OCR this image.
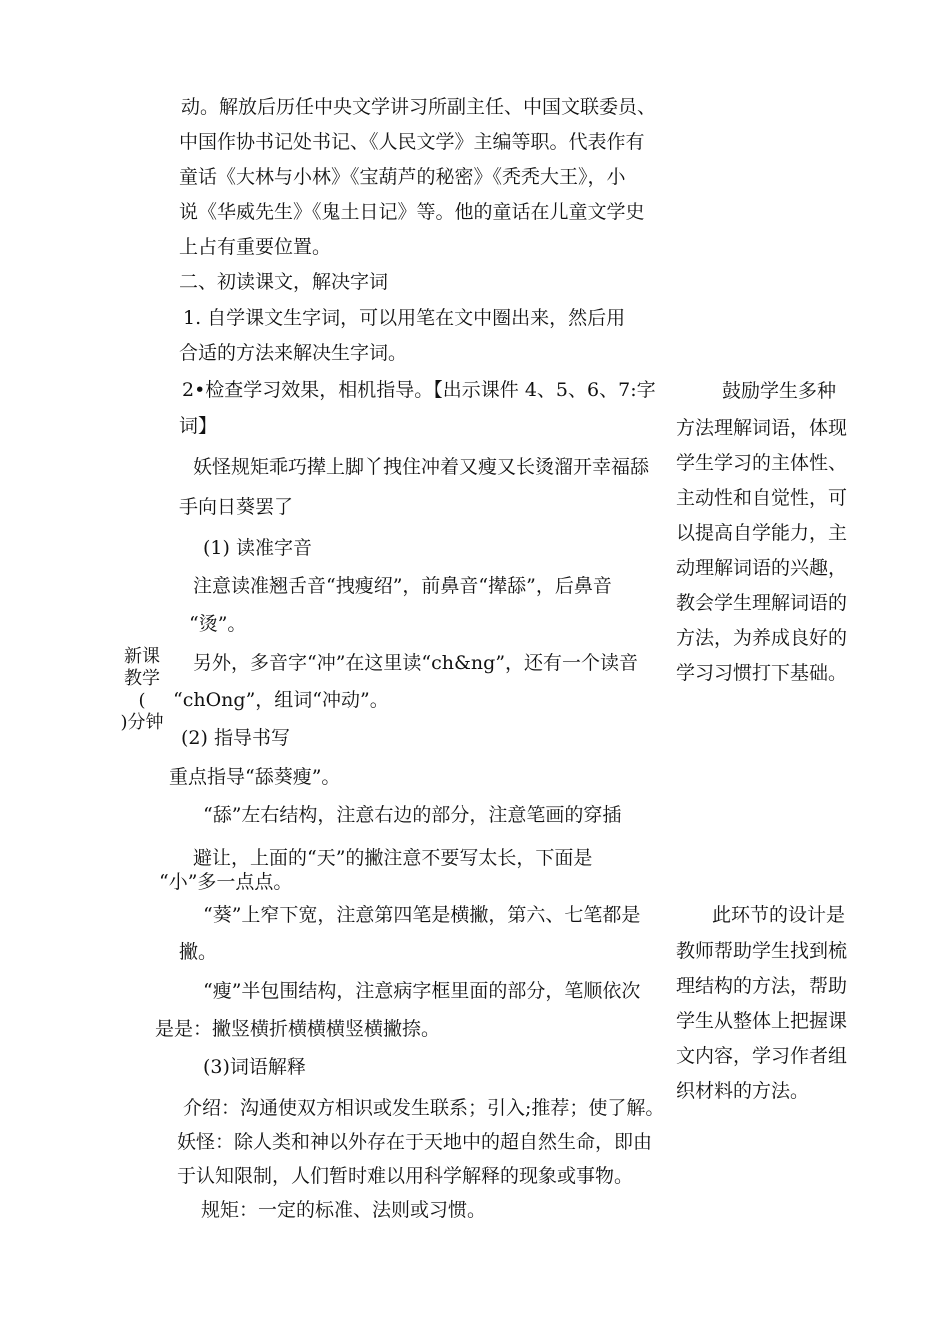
动。解放后历任中央文学讲习所副主任、中国文联委员、
中国作协书记处书记、《人民文学》主编等职。代表作有
童话《大林与小林》《宝葫芦的秘密》《秃秃大王》，小
说《华威先生》《鬼土日记》等。他的童话在儿童文学史
上占有重要位置。
二、初读课文，解决字词
1. 自学课文生字词，可以用笔在文中圈出来，然后用
合适的方法来解决生字词。
2•检查学习效果，相机指导。【出示课件 4、5、6、7:字
词】
妖怪规矩乖巧撵上脚丫拽住冲着又瘦又长烫溜开幸福舔
手向日葵罢了
(1) 读准字音
注意读准翘舌音“拽瘦绍”，前鼻音“撵舔”，后鼻音
“烫”。
另外，多音字“冲”在这里读“ch&ng”，还有一个读音
“chOng”，组词“冲动”。
(2) 指导书写
重点指导“舔葵瘦”。
“舔”左右结构，注意右边的部分，注意笔画的穿插
避让，上面的“天”的撇注意不要写太长，下面是
“小”多一点点。
“葵”上窄下宽，注意第四笔是横撇，第六、七笔都是
撇。
“瘦”半包围结构，注意病字框里面的部分，笔顺依次
是是：撇竖横折横横横竖横撇捺。
(3)词语解释
介绍：沟通使双方相识或发生联系；引入;推荐；使了解。
妖怪：除人类和神以外存在于天地中的超自然生命，即由
于认知限制，人们暂时难以用科学解释的现象或事物。
规矩：一定的标准、法则或习惯。
新课
教学
(
)分钟
鼓励学生多种
方法理解词语，体现
学生学习的主体性、
主动性和自觉性，可
以提高自学能力，主
动理解词语的兴趣，
教会学生理解词语的
方法，为养成良好的
学习习惯打下基础。
此环节的设计是
教师帮助学生找到梳
理结构的方法，帮助
学生从整体上把握课
文内容，学习作者组
织材料的方法。
